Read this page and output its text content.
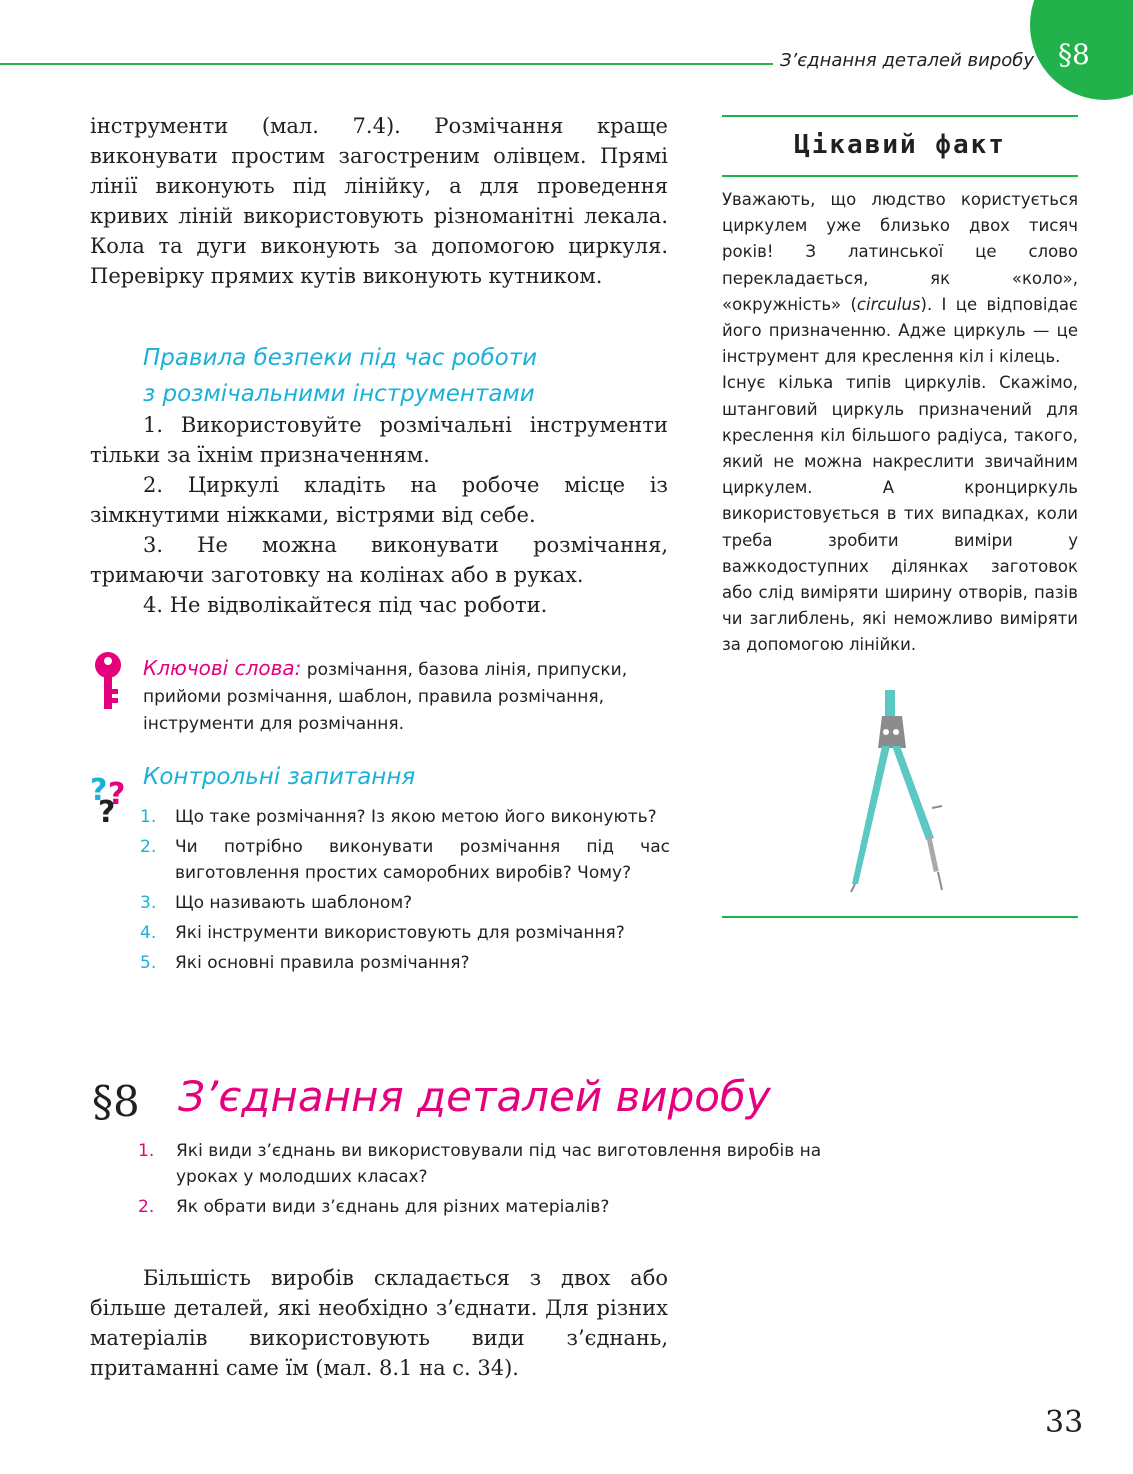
З’єднання деталей виробу §8

інструменти (мал. 7.4). Розмічання краще виконувати простим загостреним олівцем. Прямі лінії виконують під лінійку, а для проведення кривих ліній використовують різноманітні лекала. Кола та дуги виконують за допомогою циркуля. Перевірку прямих кутів виконують кутником.

Правила безпеки під час роботи
з розмічальними інструментами

1. Використовуйте розмічальні інструменти тільки за їхнім призначенням.

2. Циркулі кладіть на робоче місце із зімкнутими ніжками, вістрями від себе.

3. Не можна виконувати розмічання, тримаючи заготовку на колінах або в руках.

4. Не відволікайтеся під час роботи.

Ключові слова: розмічання, базова лінія, припуски, прийоми розмічання, шаблон, правила розмічання, інструменти для розмічання.
? ?
?
Контрольні запитання
1.	Що таке розмічання? Із якою метою його виконують?
2.	Чи потрібно виконувати розмічання під час виготовлення простих саморобних виробів? Чому?
3.	Що називають шаблоном?
4.	Які інструменти використовують для розмічання?
5.	Які основні правила розмічання?
Цікавий факт

Уважають, що людство користується циркулем уже близько двох тисяч років! З латинської це слово перекладається, як «коло», «окружність» (circulus). І це відповідає його призначенню. Адже циркуль — це інструмент для креслення кіл і кілець.

Існує кілька типів циркулів. Скажімо, штанговий циркуль призначений для креслення кіл більшого радіуса, такого, який не можна накреслити звичайним циркулем. А кронциркуль використовується в тих випадках, коли треба зробити виміри у важкодоступних ділянках заготовок або слід виміряти ширину отворів, пазів чи заглиблень, які неможливо виміряти за допомогою лінійки.

§8 З’єднання деталей виробу
1.	Які види з’єднань ви використовували під час виготовлення виробів на уроках у молодших класах?
2.	Як обрати види з’єднань для різних матеріалів?

Більшість виробів складається з двох або більше деталей, які необхідно з’єднати. Для різних матеріалів використовують види з’єднань, притаманні саме їм (мал. 8.1 на с. 34).

33
